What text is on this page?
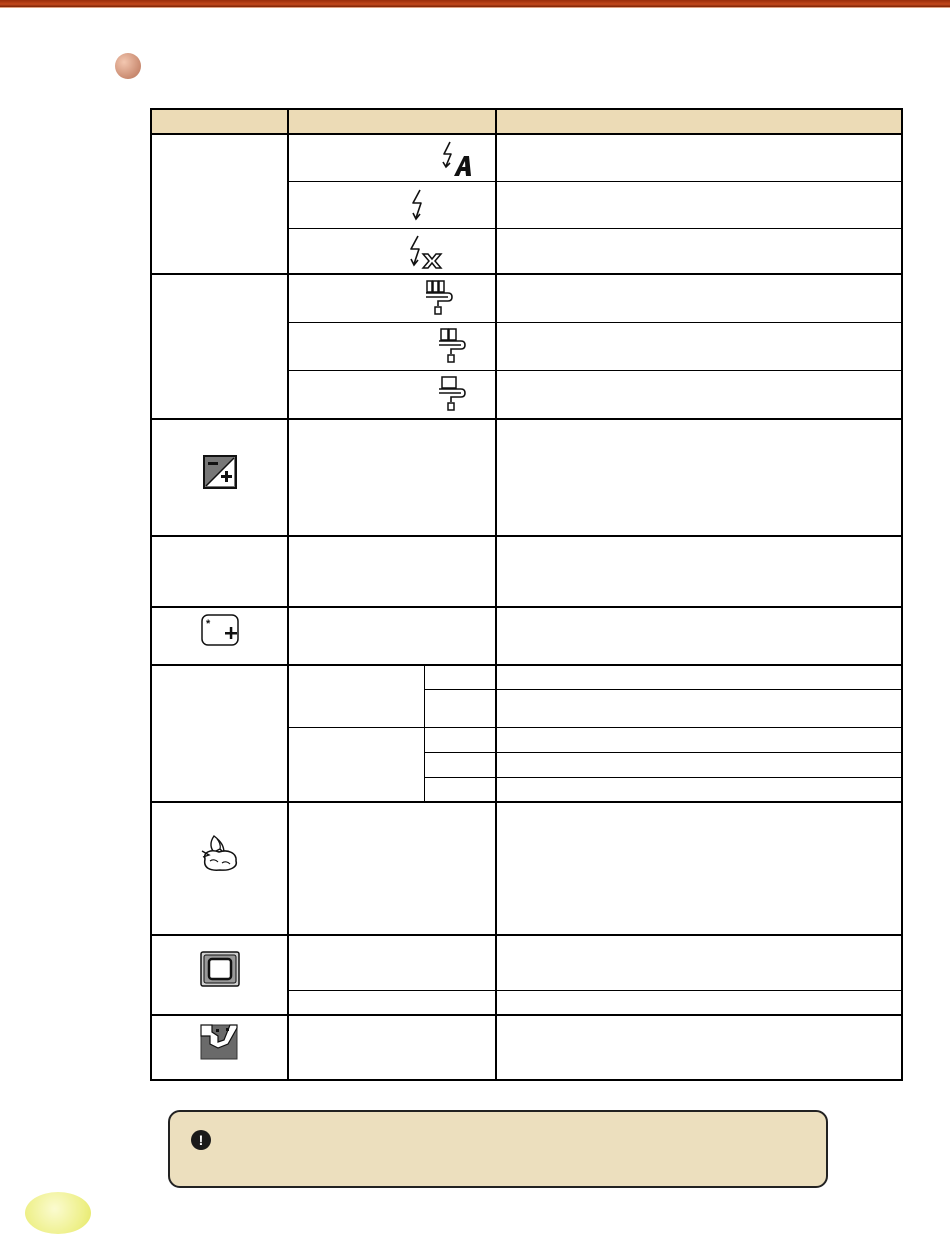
*
!
